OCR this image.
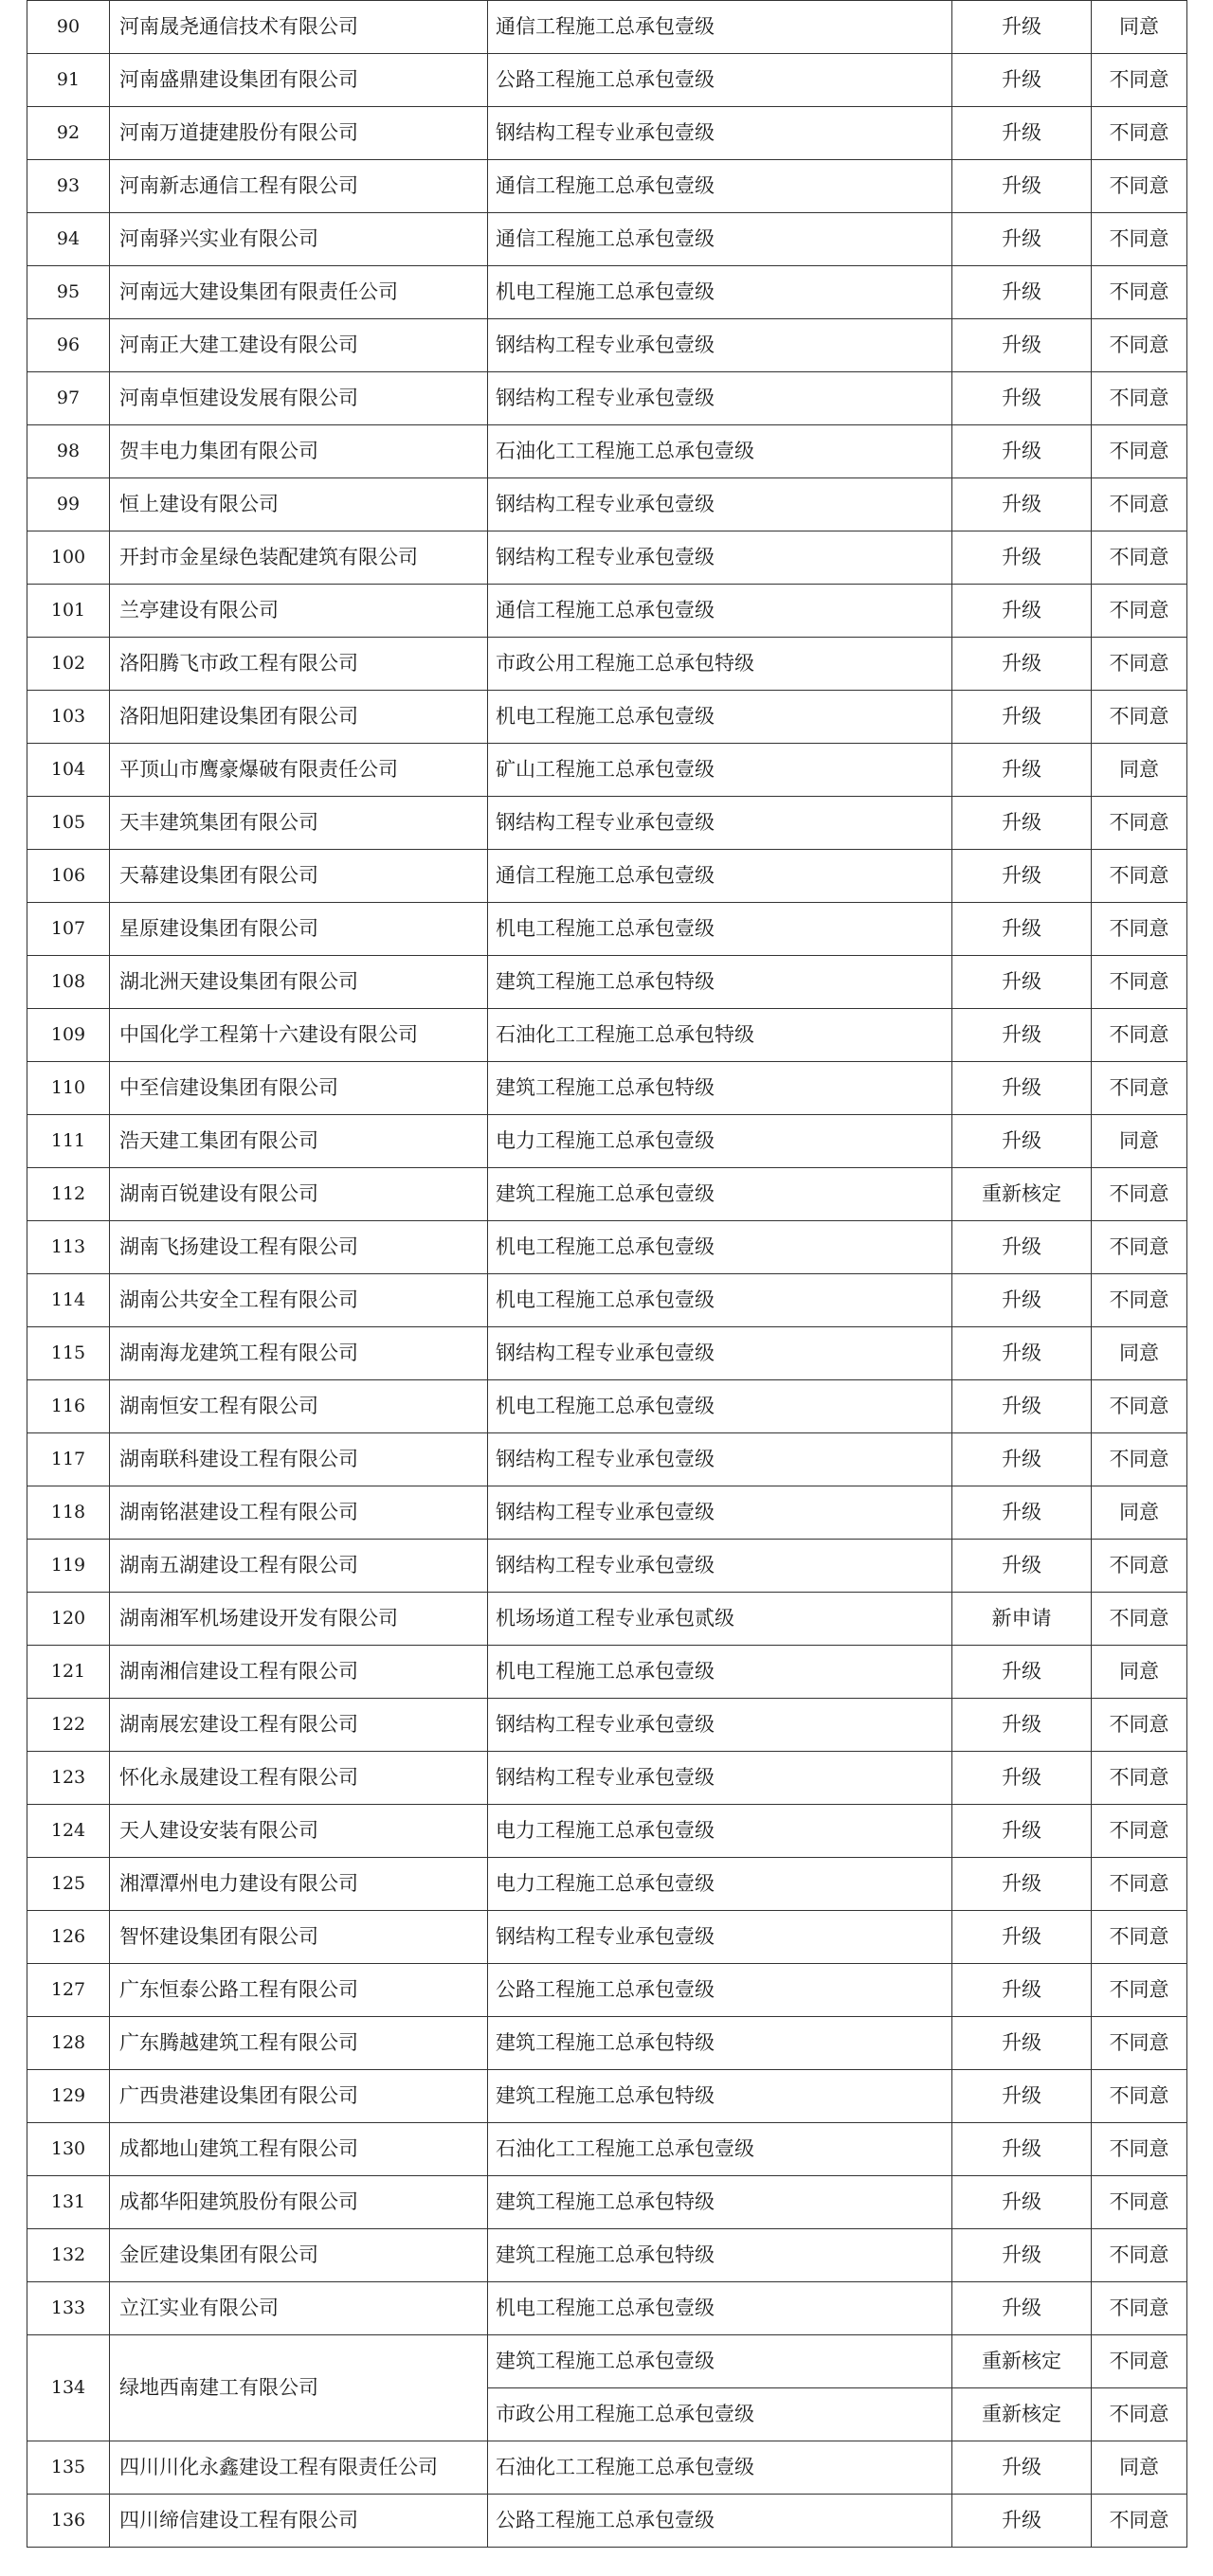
90	河南晟尧通信技术有限公司	通信工程施工总承包壹级	升级	同意
91	河南盛鼎建设集团有限公司	公路工程施工总承包壹级	升级	不同意
92	河南万道捷建股份有限公司	钢结构工程专业承包壹级	升级	不同意
93	河南新志通信工程有限公司	通信工程施工总承包壹级	升级	不同意
94	河南驿兴实业有限公司	通信工程施工总承包壹级	升级	不同意
95	河南远大建设集团有限责任公司	机电工程施工总承包壹级	升级	不同意
96	河南正大建工建设有限公司	钢结构工程专业承包壹级	升级	不同意
97	河南卓恒建设发展有限公司	钢结构工程专业承包壹级	升级	不同意
98	贺丰电力集团有限公司	石油化工工程施工总承包壹级	升级	不同意
99	恒上建设有限公司	钢结构工程专业承包壹级	升级	不同意
100	开封市金星绿色装配建筑有限公司	钢结构工程专业承包壹级	升级	不同意
101	兰亭建设有限公司	通信工程施工总承包壹级	升级	不同意
102	洛阳腾飞市政工程有限公司	市政公用工程施工总承包特级	升级	不同意
103	洛阳旭阳建设集团有限公司	机电工程施工总承包壹级	升级	不同意
104	平顶山市鹰豪爆破有限责任公司	矿山工程施工总承包壹级	升级	同意
105	天丰建筑集团有限公司	钢结构工程专业承包壹级	升级	不同意
106	天幕建设集团有限公司	通信工程施工总承包壹级	升级	不同意
107	星原建设集团有限公司	机电工程施工总承包壹级	升级	不同意
108	湖北洲天建设集团有限公司	建筑工程施工总承包特级	升级	不同意
109	中国化学工程第十六建设有限公司	石油化工工程施工总承包特级	升级	不同意
110	中至信建设集团有限公司	建筑工程施工总承包特级	升级	不同意
111	浩天建工集团有限公司	电力工程施工总承包壹级	升级	同意
112	湖南百锐建设有限公司	建筑工程施工总承包壹级	重新核定	不同意
113	湖南飞扬建设工程有限公司	机电工程施工总承包壹级	升级	不同意
114	湖南公共安全工程有限公司	机电工程施工总承包壹级	升级	不同意
115	湖南海龙建筑工程有限公司	钢结构工程专业承包壹级	升级	同意
116	湖南恒安工程有限公司	机电工程施工总承包壹级	升级	不同意
117	湖南联科建设工程有限公司	钢结构工程专业承包壹级	升级	不同意
118	湖南铭湛建设工程有限公司	钢结构工程专业承包壹级	升级	同意
119	湖南五湖建设工程有限公司	钢结构工程专业承包壹级	升级	不同意
120	湖南湘军机场建设开发有限公司	机场场道工程专业承包贰级	新申请	不同意
121	湖南湘信建设工程有限公司	机电工程施工总承包壹级	升级	同意
122	湖南展宏建设工程有限公司	钢结构工程专业承包壹级	升级	不同意
123	怀化永晟建设工程有限公司	钢结构工程专业承包壹级	升级	不同意
124	天人建设安装有限公司	电力工程施工总承包壹级	升级	不同意
125	湘潭潭州电力建设有限公司	电力工程施工总承包壹级	升级	不同意
126	智怀建设集团有限公司	钢结构工程专业承包壹级	升级	不同意
127	广东恒泰公路工程有限公司	公路工程施工总承包壹级	升级	不同意
128	广东腾越建筑工程有限公司	建筑工程施工总承包特级	升级	不同意
129	广西贵港建设集团有限公司	建筑工程施工总承包特级	升级	不同意
130	成都地山建筑工程有限公司	石油化工工程施工总承包壹级	升级	不同意
131	成都华阳建筑股份有限公司	建筑工程施工总承包特级	升级	不同意
132	金匠建设集团有限公司	建筑工程施工总承包特级	升级	不同意
133	立江实业有限公司	机电工程施工总承包壹级	升级	不同意
134	绿地西南建工有限公司	建筑工程施工总承包壹级	重新核定	不同意
		市政公用工程施工总承包壹级	重新核定	不同意
135	四川川化永鑫建设工程有限责任公司	石油化工工程施工总承包壹级	升级	同意
136	四川缔信建设工程有限公司	公路工程施工总承包壹级	升级	不同意
